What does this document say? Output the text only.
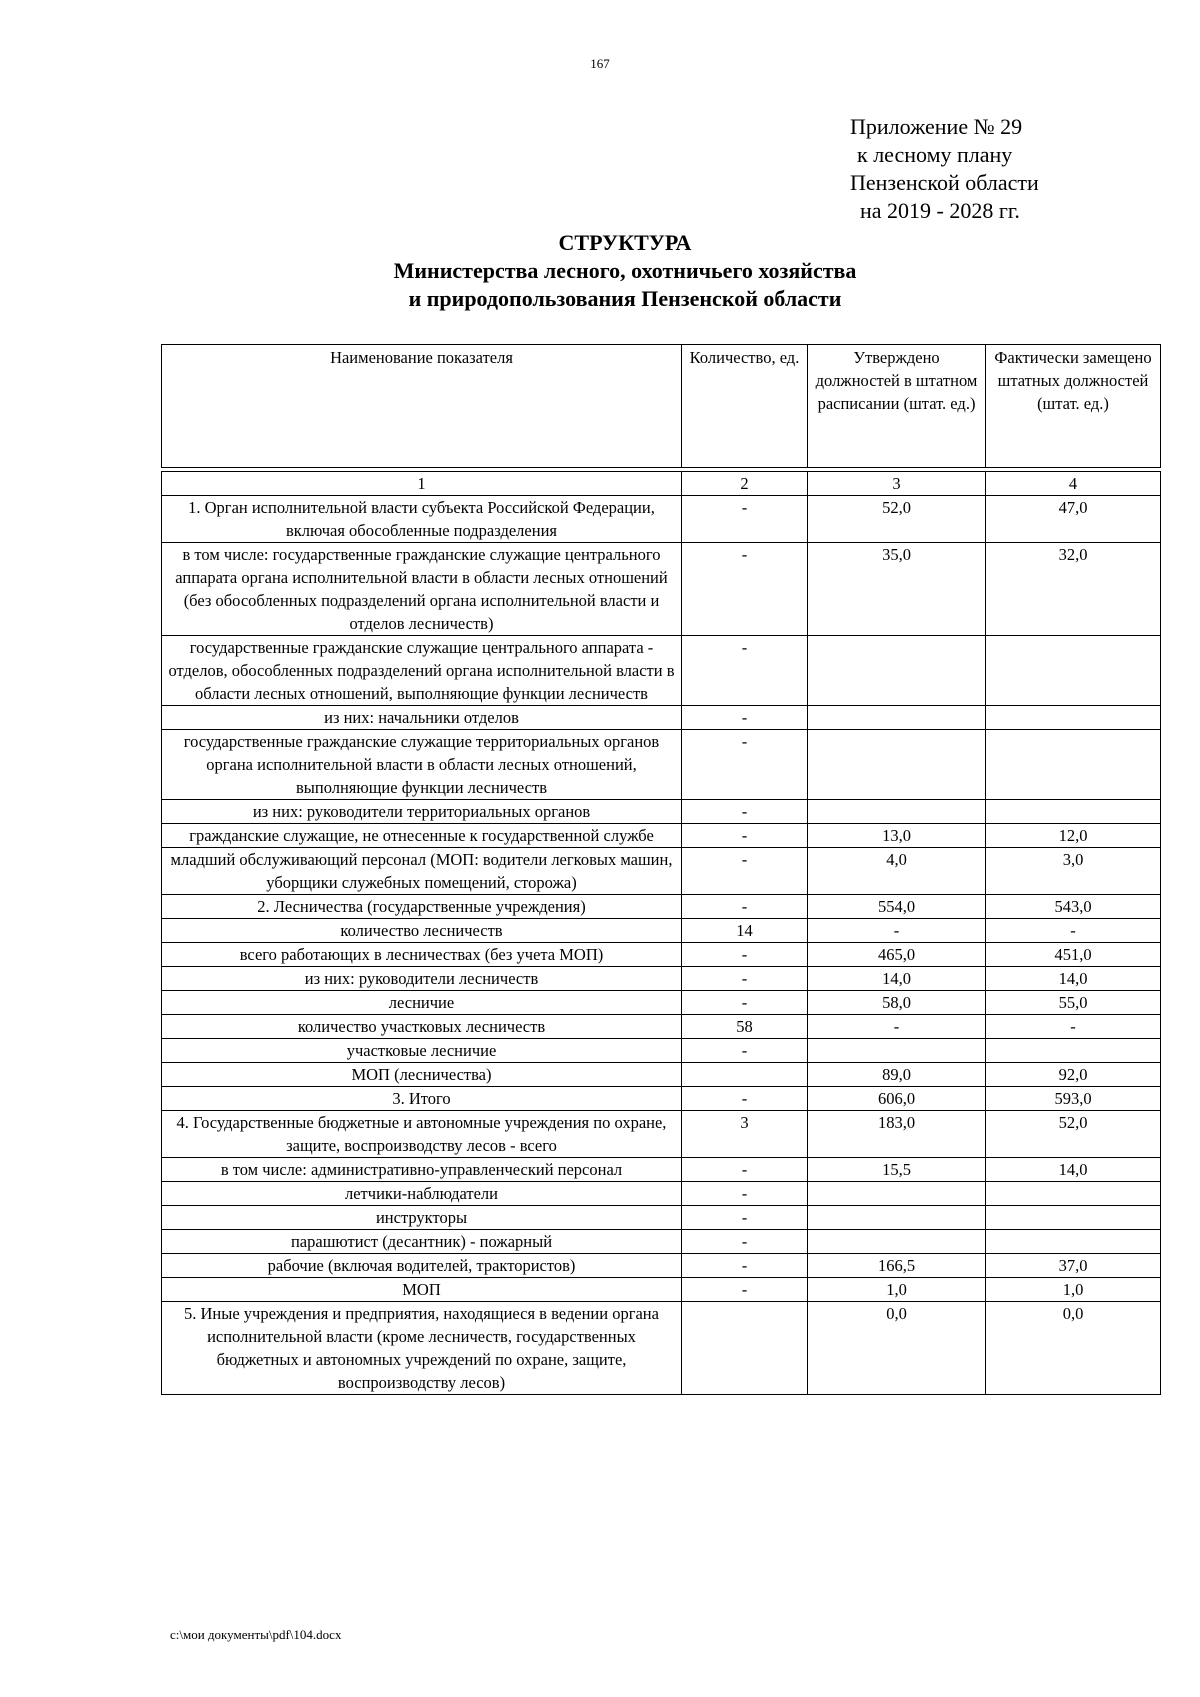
167
Приложение № 29
к лесному плану
Пензенской области
на 2019 - 2028 гг.
СТРУКТУРА
Министерства лесного, охотничьего хозяйства
и природопользования Пензенской области
Наименование показателя	Количество, ед.	Утверждено должностей в штатном расписании (штат. ед.)	Фактически замещено штатных должностей (штат. ед.)
1	2	3	4
1. Орган исполнительной власти субъекта Российской Федерации, включая обособленные подразделения	-	52,0	47,0
в том числе: государственные гражданские служащие центрального аппарата органа исполнительной власти в области лесных отношений (без обособленных подразделений органа исполнительной власти и отделов лесничеств)	-	35,0	32,0
государственные гражданские служащие центрального аппарата - отделов, обособленных подразделений органа исполнительной власти в области лесных отношений, выполняющие функции лесничеств	-		
из них: начальники отделов	-		
государственные гражданские служащие территориальных органов органа исполнительной власти в области лесных отношений, выполняющие функции лесничеств	-		
из них: руководители территориальных органов	-		
гражданские служащие, не отнесенные к государственной службе	-	13,0	12,0
младший обслуживающий персонал (МОП: водители легковых машин, уборщики служебных помещений, сторожа)	-	4,0	3,0
2. Лесничества (государственные учреждения)	-	554,0	543,0
количество лесничеств	14	-	-
всего работающих в лесничествах (без учета МОП)	-	465,0	451,0
из них: руководители лесничеств	-	14,0	14,0
лесничие	-	58,0	55,0
количество участковых лесничеств	58	-	-
участковые лесничие	-		
МОП (лесничества)		89,0	92,0
3. Итого	-	606,0	593,0
4. Государственные бюджетные и автономные учреждения по охране, защите, воспроизводству лесов - всего	3	183,0	52,0
в том числе: административно-управленческий персонал	-	15,5	14,0
летчики-наблюдатели	-		
инструкторы	-		
парашютист (десантник) - пожарный	-		
рабочие (включая водителей, трактористов)	-	166,5	37,0
МОП	-	1,0	1,0
5. Иные учреждения и предприятия, находящиеся в ведении органа исполнительной власти (кроме лесничеств, государственных бюджетных и автономных учреждений по охране, защите, воспроизводству лесов)		0,0	0,0
c:\мои документы\pdf\104.docx
